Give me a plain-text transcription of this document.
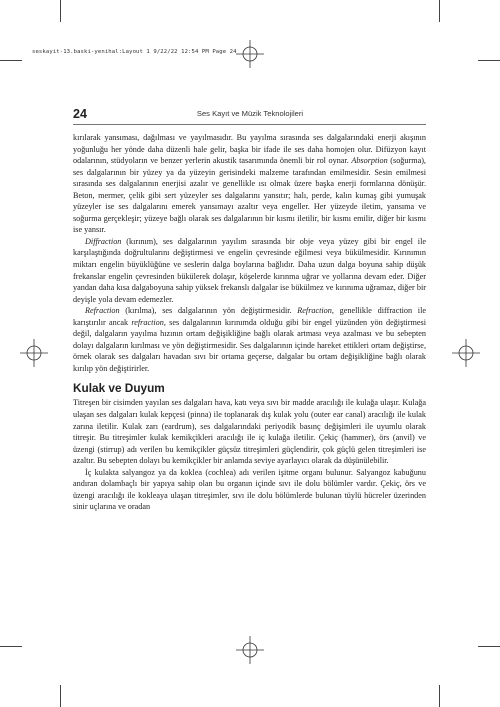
seskayit-13.baski-yenihal:Layout 1 9/22/22 12:54 PM Page 24
24	Ses Kayıt ve Müzik Teknolojileri

kırılarak yansıması, dağılması ve yayılmasıdır. Bu yayılma sırasında ses dalgalarındaki enerji akışının yoğunluğu her yönde daha düzenli hale gelir, başka bir ifade ile ses daha homojen olur. Difüzyon kayıt odalarının, stüdyoların ve benzer yerlerin akustik tasarımında önemli bir rol oynar. Absorption (soğurma), ses dalgalarının bir yüzey ya da yüzeyin gerisindeki malzeme tarafından emilmesidir. Sesin emilmesi sırasında ses dalgalarının enerjisi azalır ve genellikle ısı olmak üzere başka enerji formlarına dönüşür. Beton, mermer, çelik gibi sert yüzeyler ses dalgalarını yansıtır; halı, perde, kalın kumaş gibi yumuşak yüzeyler ise ses dalgalarını emerek yansımayı azaltır veya engeller. Her yüzeyde iletim, yansıma ve soğurma gerçekleşir; yüzeye bağlı olarak ses dalgalarının bir kısmı iletilir, bir kısmı emilir, diğer bir kısmı ise yansır.

Diffraction (kırınım), ses dalgalarının yayılım sırasında bir obje veya yüzey gibi bir engel ile karşılaştığında doğrultularını değiştirmesi ve engelin çevresinde eğilmesi veya bükülmesidir. Kırınımın miktarı engelin büyüklüğüne ve seslerin dalga boylarına bağlıdır. Daha uzun dalga boyuna sahip düşük frekanslar engelin çevresinden bükülerek dolaşır, köşelerde kırınma uğrar ve yollarına devam eder. Diğer yandan daha kısa dalgaboyuna sahip yüksek frekanslı dalgalar ise bükülmez ve kırınıma uğramaz, diğer bir deyişle yola devam edemezler.

Refraction (kırılma), ses dalgalarının yön değiştirmesidir. Refraction, genellikle diffraction ile karıştırılır ancak refraction, ses dalgalarının kırınımda olduğu gibi bir engel yüzünden yön değiştirmesi değil, dalgaların yayılma hızının ortam değişikliğine bağlı olarak artması veya azalması ve bu sebepten dolayı dalgaların kırılması ve yön değiştirmesidir. Ses dalgalarının içinde hareket ettikleri ortam değiştirse, örnek olarak ses dalgaları havadan sıvı bir ortama geçerse, dalgalar bu ortam değişikliğine bağlı olarak kırılıp yön değiştirirler.

Kulak ve Duyum

Titreşen bir cisimden yayılan ses dalgaları hava, katı veya sıvı bir madde aracılığı ile kulağa ulaşır. Kulağa ulaşan ses dalgaları kulak kepçesi (pinna) ile toplanarak dış kulak yolu (outer ear canal) aracılığı ile kulak zarına iletilir. Kulak zarı (eardrum), ses dalgalarındaki periyodik basınç değişimleri ile uyumlu olarak titreşir. Bu titreşimler kulak kemikçikleri aracılığı ile iç kulağa iletilir. Çekiç (hammer), örs (anvil) ve üzengi (stirrup) adı verilen bu kemikçikler güçsüz titreşimleri güçlendirir, çok güçlü gelen titreşimleri ise azaltır. Bu sebepten dolayı bu kemikçikler bir anlamda seviye ayarlayıcı olarak da düşünülebilir.

İç kulakta salyangoz ya da koklea (cochlea) adı verilen işitme organı bulunur. Salyangoz kabuğunu andıran dolambaçlı bir yapıya sahip olan bu organın içinde sıvı ile dolu bölümler vardır. Çekiç, örs ve üzengi aracılığı ile kokleaya ulaşan titreşimler, sıvı ile dolu bölümlerde bulunan tüylü hücreler üzerinden sinir uçlarına ve oradan
